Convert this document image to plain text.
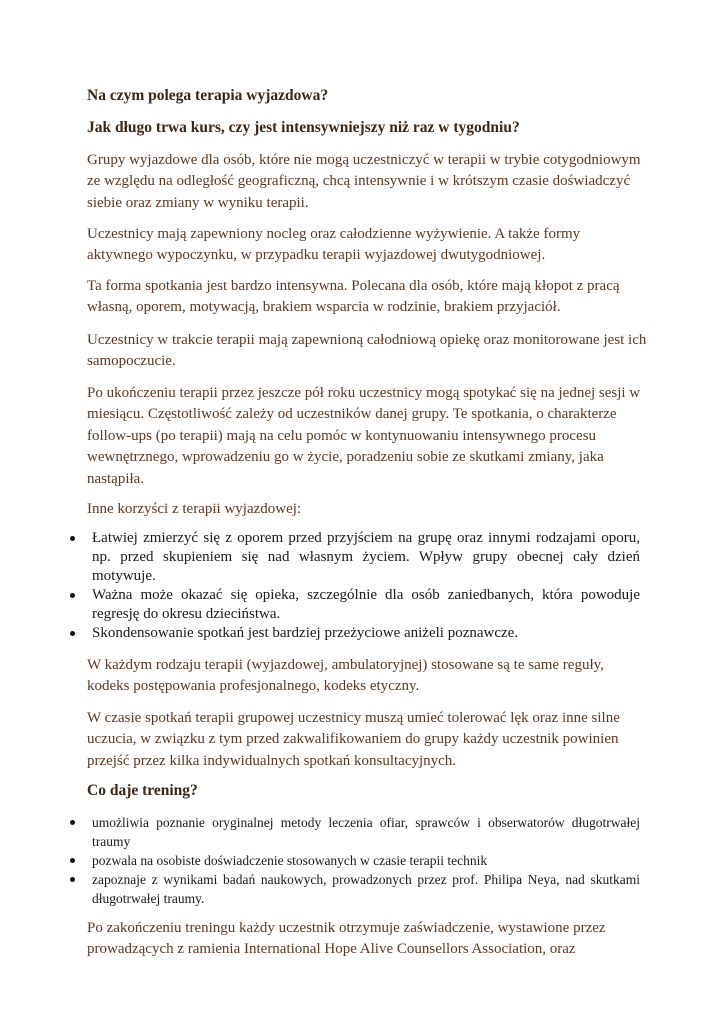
Na czym polega terapia wyjazdowa?
Jak długo trwa kurs, czy jest intensywniejszy niż raz w tygodniu?

Grupy wyjazdowe dla osób, które nie mogą uczestniczyć w terapii w trybie cotygodniowym ze względu na odległość geograficzną, chcą intensywnie i w krótszym czasie doświadczyć siebie oraz zmiany w wyniku terapii.

Uczestnicy mają zapewniony nocleg oraz całodzienne wyżywienie. A także formy aktywnego wypoczynku, w przypadku terapii wyjazdowej dwutygodniowej.

Ta forma spotkania jest bardzo intensywna. Polecana dla osób, które mają kłopot z pracą własną, oporem, motywacją, brakiem wsparcia w rodzinie, brakiem przyjaciół.

Uczestnicy w trakcie terapii mają zapewnioną całodniową opiekę oraz monitorowane jest ich samopoczucie.

Po ukończeniu terapii przez jeszcze pół roku uczestnicy mogą spotykać się na jednej sesji w miesiącu. Częstotliwość zależy od uczestników danej grupy. Te spotkania, o charakterze follow-ups (po terapii) mają na celu pomóc w kontynuowaniu intensywnego procesu wewnętrznego, wprowadzeniu go w życie, poradzeniu sobie ze skutkami zmiany, jaka nastąpiła.

Inne korzyści z terapii wyjazdowej:

Łatwiej zmierzyć się z oporem przed przyjściem na grupę oraz innymi rodzajami oporu, np. przed skupieniem się nad własnym życiem. Wpływ grupy obecnej cały dzień motywuje.
Ważna może okazać się opieka, szczególnie dla osób zaniedbanych, która powoduje regresję do okresu dzieciństwa.
Skondensowanie spotkań jest bardziej przeżyciowe aniżeli poznawcze.

W każdym rodzaju terapii (wyjazdowej, ambulatoryjnej) stosowane są te same reguły, kodeks postępowania profesjonalnego, kodeks etyczny.

W czasie spotkań terapii grupowej uczestnicy muszą umieć tolerować lęk oraz inne silne uczucia, w związku z tym przed zakwalifikowaniem do grupy każdy uczestnik powinien przejść przez kilka indywidualnych spotkań konsultacyjnych.

Co daje trening?
umożliwia poznanie oryginalnej metody leczenia ofiar, sprawców i obserwatorów długotrwałej traumy
pozwala na osobiste doświadczenie stosowanych w czasie terapii technik
zapoznaje z wynikami badań naukowych, prowadzonych przez prof. Philipa Neya, nad skutkami długotrwałej traumy.

Po zakończeniu treningu każdy uczestnik otrzymuje zaświadczenie, wystawione przez prowadzących z ramienia International Hope Alive Counsellors Association, oraz
